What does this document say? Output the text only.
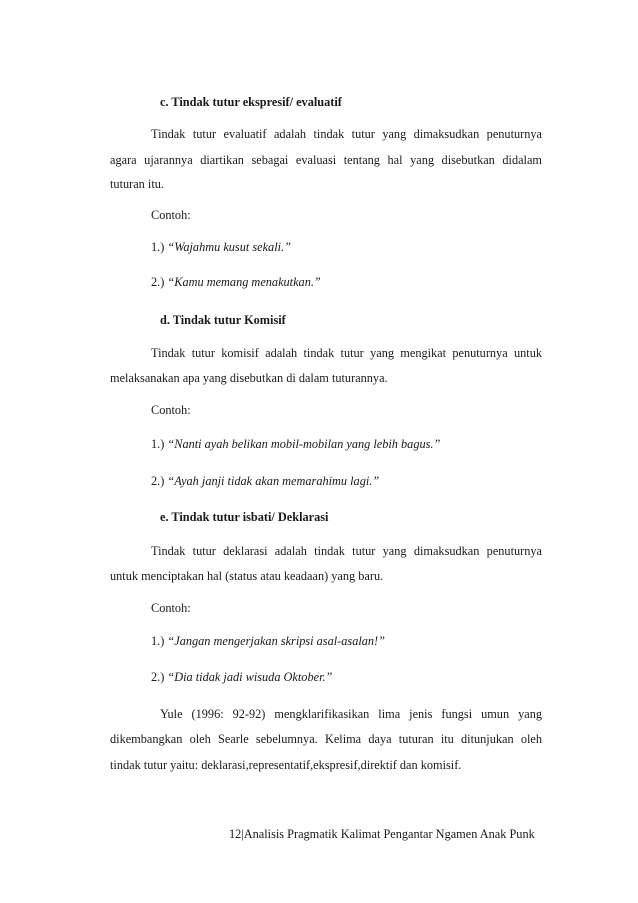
c. Tindak tutur ekspresif/ evaluatif
Tindak tutur evaluatif adalah tindak tutur yang dimaksudkan penuturnya
agara ujarannya diartikan sebagai evaluasi tentang hal yang disebutkan didalam
tuturan itu.
Contoh:
1.) “Wajahmu kusut sekali.”
2.) “Kamu memang menakutkan.”
d. Tindak tutur Komisif
Tindak tutur komisif adalah tindak tutur yang mengikat penuturnya untuk
melaksanakan apa yang disebutkan di dalam tuturannya.
Contoh:
1.) “Nanti ayah belikan mobil-mobilan yang lebih bagus.”
2.) “Ayah janji tidak akan memarahimu lagi.”
e. Tindak tutur isbati/ Deklarasi
Tindak tutur deklarasi adalah tindak tutur yang dimaksudkan penuturnya
untuk menciptakan hal (status atau keadaan) yang baru.
Contoh:
1.) “Jangan mengerjakan skripsi asal-asalan!”
2.) “Dia tidak jadi wisuda Oktober.”
Yule (1996: 92-92) mengklarifikasikan lima jenis fungsi umun yang
dikembangkan oleh Searle sebelumnya. Kelima daya tuturan itu ditunjukan oleh
tindak tutur yaitu: deklarasi,representatif,ekspresif,direktif dan komisif.
12|Analisis Pragmatik Kalimat Pengantar Ngamen Anak Punk
